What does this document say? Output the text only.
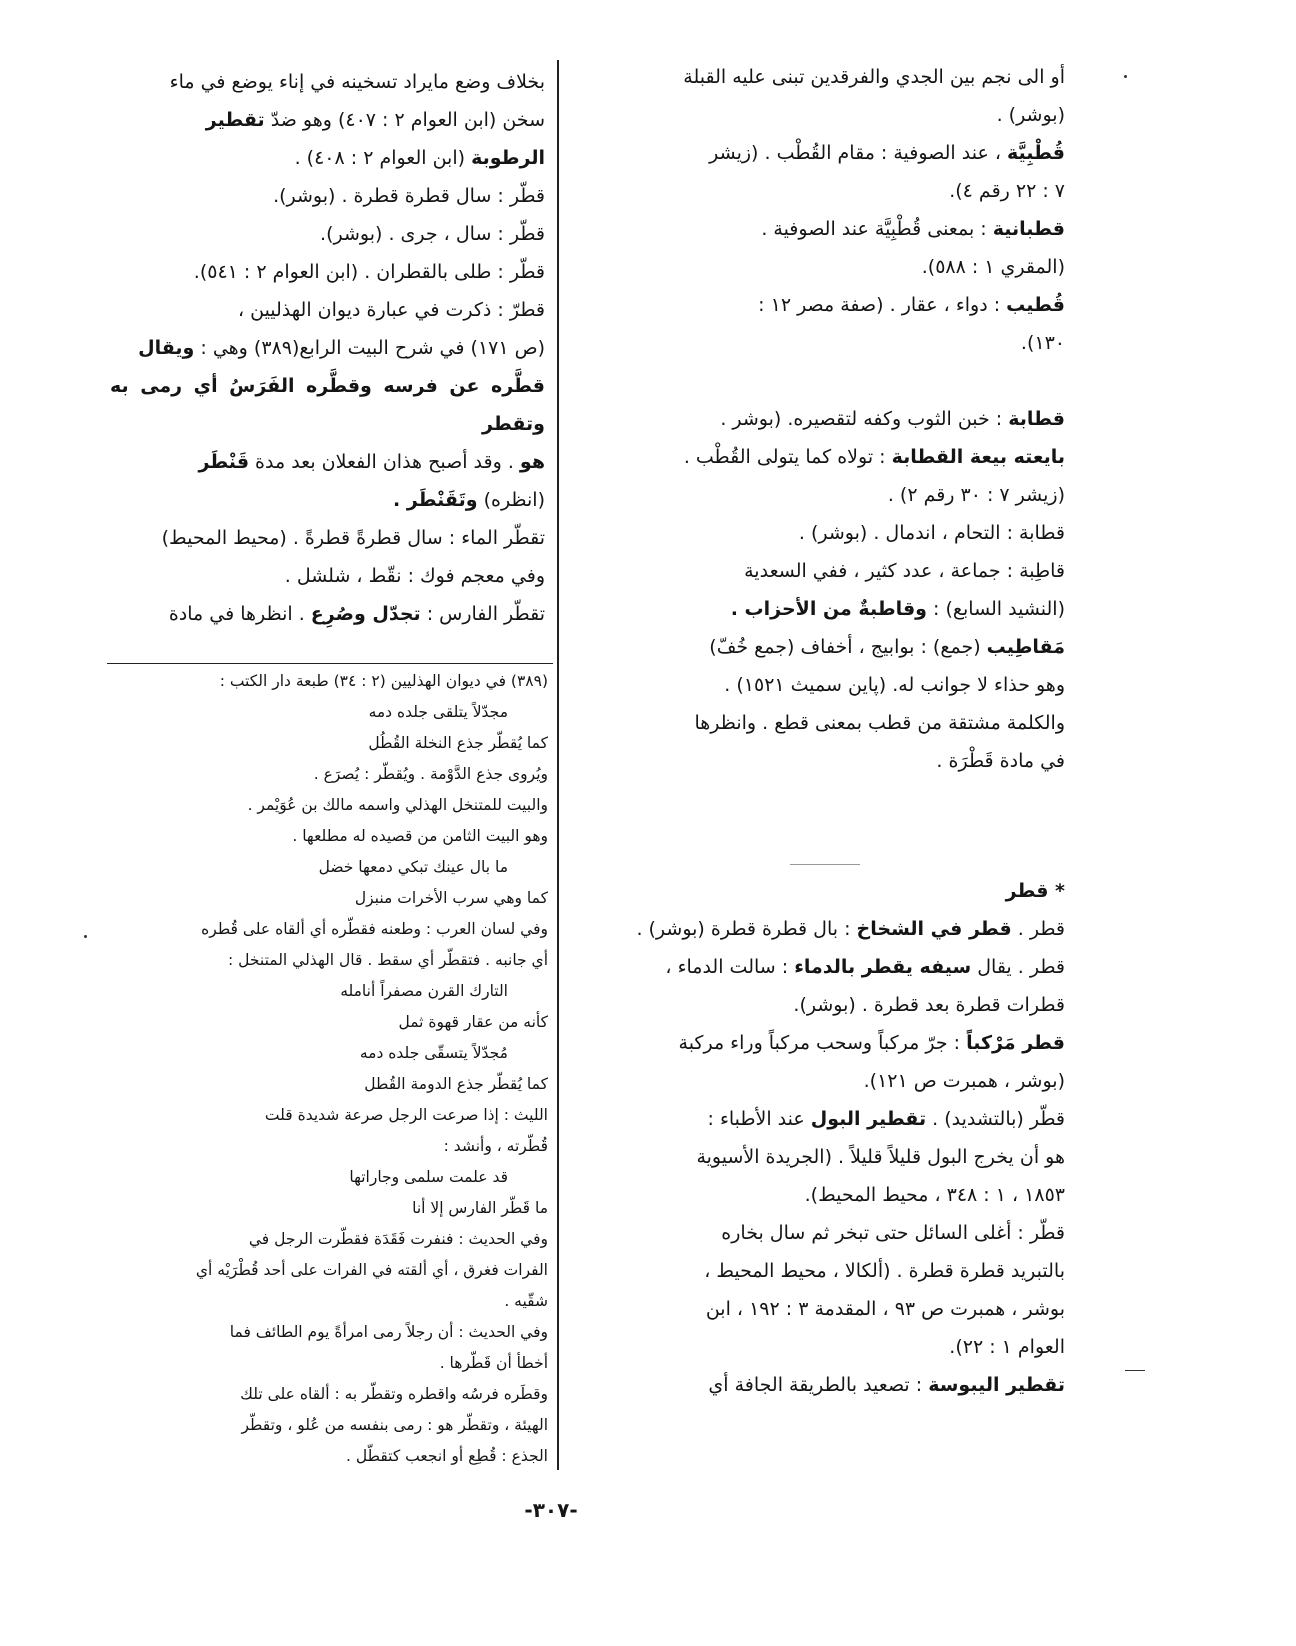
أو الى نجم بين الجدي والفرقدين تبنى عليه القبلة

(بوشر) .

قُطْبِيَّة ، عند الصوفية : مقام القُطْب . (زيشر

٧ : ٢٢ رقم ٤).

قطبانية : بمعنى قُطْبِيَّة عند الصوفية .

(المقري ١ : ٥٨٨).

قُطيب : دواء ، عقار . (صفة مصر ١٢ :

١٣٠).

قطابة : خبن الثوب وكفه لتقصيره. (بوشر .

بايعته بيعة القطابة : تولاه كما يتولى القُطْب .

(زيشر ٧ : ٣٠ رقم ٢) .

قطابة : التحام ، اندمال . (بوشر) .

قاطِبة : جماعة ، عدد كثير ، ففي السعدية

(النشيد السابع) : وقاطبةٌ من الأحزاب .

مَقاطِيب (جمع) : بوابيج ، أخفاف (جمع خُفّ)

وهو حذاء لا جوانب له. (پاين سميث ١٥٢١) .

والكلمة مشتقة من قطب بمعنى قطع . وانظرها

في مادة قَطْرَة .

* قطر

قطر . قطر في الشخاخ : بال قطرة قطرة (بوشر) .

قطر . يقال سيفه يقطر بالدماء : سالت الدماء ،

قطرات قطرة بعد قطرة . (بوشر).

قطر مَرْكباً : جرّ مركباً وسحب مركباً وراء مركبة

(بوشر ، همبرت ص ١٢١).

قطّر (بالتشديد) . تقطير البول عند الأطباء :

هو أن يخرج البول قليلاً قليلاً . (الجريدة الأسيوية

١٨٥٣ ، ١ : ٣٤٨ ، محيط المحيط).

قطّر : أغلى السائل حتى تبخر ثم سال بخاره

بالتبريد قطرة قطرة . (ألكالا ، محيط المحيط ،

بوشر ، همبرت ص ٩٣ ، المقدمة ٣ : ١٩٢ ، ابن

العوام ١ : ٢٢).

تقطير اليبوسة : تصعيد بالطريقة الجافة أي

بخلاف وضع مايراد تسخينه في إناء يوضع في ماء

سخن (ابن العوام ٢ : ٤٠٧) وهو ضدّ تقطير

الرطوبة (ابن العوام ٢ : ٤٠٨) .

قطّر : سال قطرة قطرة . (بوشر).

قطّر : سال ، جرى . (بوشر).

قطّر : طلى بالقطران . (ابن العوام ٢ : ٥٤١).

قطرّ : ذكرت في عبارة ديوان الهذليين ،

(ص ١٧١) في شرح البيت الرابع(٣٨٩) وهي : ويقال

قطَّره عن فرسه وقطَّره الفَرَسُ أي رمى به وتقطر

هو . وقد أصبح هذان الفعلان بعد مدة قَنْطَر

(انظره) وتَقَنْطَر .

تقطّر الماء : سال قطرةً قطرةً . (محيط المحيط)

وفي معجم فوك : نقّط ، شلشل .

تقطّر الفارس : تجدّل وصُرِع . انظرها في مادة

(٣٨٩) في ديوان الهذليين (٢ : ٣٤) طبعة دار الكتب :

مجدّلاً يتلقى جلده دمه

كما يُقطّر جذع النخلة القُطُل

ويُروى جذع الدَّوْمة . ويُقطّر : يُصرَع .

والبيت للمتنخل الهذلي واسمه مالك بن عُوَيْمر .

وهو البيت الثامن من قصيده له مطلعها .

ما بال عينك تبكي دمعها خضل

كما وهي سرب الأخرات منبزل

وفي لسان العرب : وطعنه فقطّره أي ألقاه على قُطره

أي جانبه . فتقطّر أي سقط . قال الهذلي المتنخل :

التارك القرن مصفراً أنامله

كأنه من عقار قهوة ثمل

مُجدّلاً يتسقّى جلده دمه

كما يُقطّر جذع الدومة القُطل

الليث : إذا صرعت الرجل صرعة شديدة قلت

قُطّرته ، وأنشد :

قد علمت سلمى وجاراتها

ما قَطّر الفارس إلا أنا

وفي الحديث : فنفرت فَقَدَة فقطّرت الرجل في

الفرات فغرق ، أي ألقته في الفرات على أحد قُطْرَيْه أي

شقّيه .

وفي الحديث : أن رجلاً رمى امرأةً يوم الطائف فما

أخطأ أن قَطّرها .

وقطَره فرسُه واقطره وتقطّر به : ألقاه على تلك

الهيئة ، وتقطّر هو : رمى بنفسه من عُلو ، وتقطّر

الجذع : قُطِع أو انجعب كتقطّل .

-٣٠٧-
